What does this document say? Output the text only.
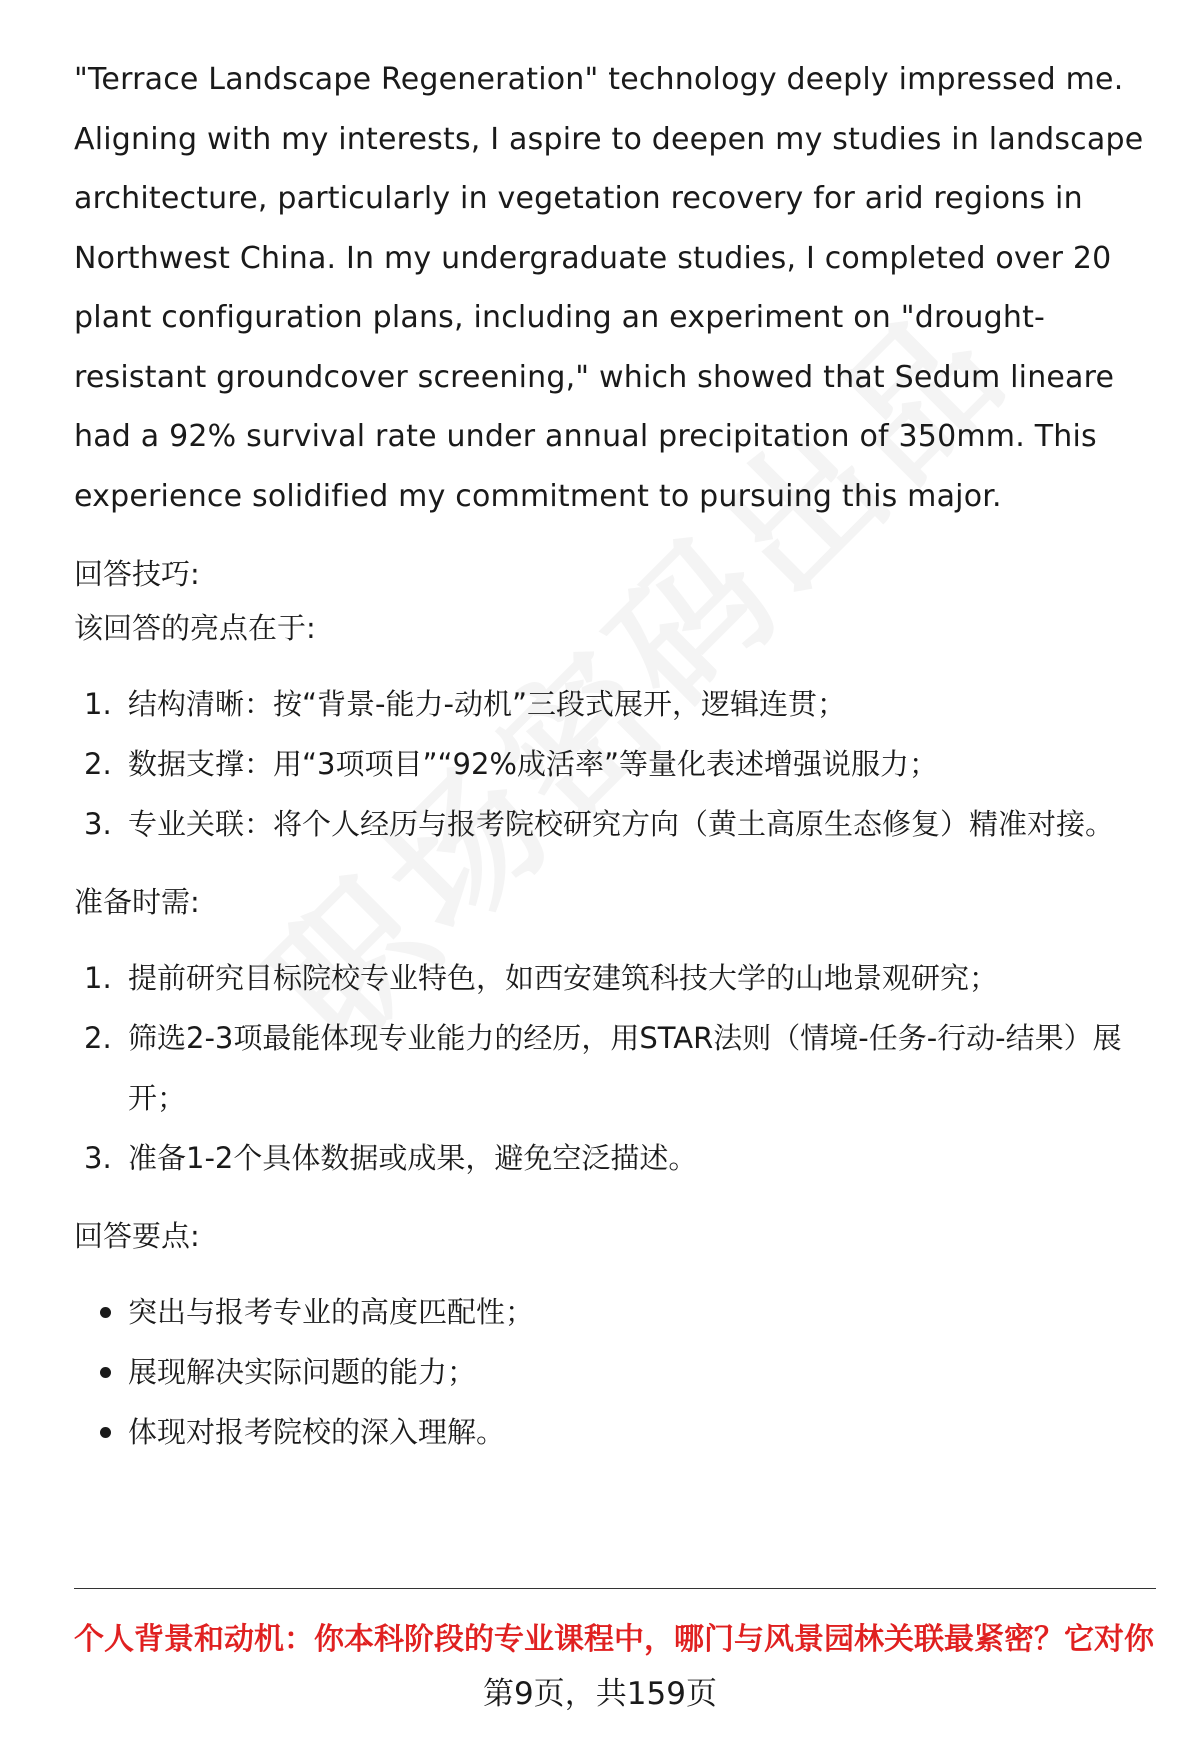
"Terrace Landscape Regeneration" technology deeply impressed me. Aligning with my interests, I aspire to deepen my studies in landscape architecture, particularly in vegetation recovery for arid regions in Northwest China. In my undergraduate studies, I completed over 20 plant configuration plans, including an experiment on "drought-resistant groundcover screening," which showed that Sedum lineare had a 92% survival rate under annual precipitation of 350mm. This experience solidified my commitment to pursuing this major.

回答技巧:

该回答的亮点在于:

1. 结构清晰：按“背景-能力-动机”三段式展开，逻辑连贯；
2. 数据支撑：用“3项项目”“92%成活率”等量化表述增强说服力；
3. 专业关联：将个人经历与报考院校研究方向（黄土高原生态修复）精准对接。

准备时需:

1. 提前研究目标院校专业特色，如西安建筑科技大学的山地景观研究；
2. 筛选2-3项最能体现专业能力的经历，用STAR法则（情境-任务-行动-结果）展开；
3. 准备1-2个具体数据或成果，避免空泛描述。

回答要点:

突出与报考专业的高度匹配性；
展现解决实际问题的能力；
体现对报考院校的深入理解。
个人背景和动机：你本科阶段的专业课程中，哪门与风景园林关联最紧密？它对你
第9页，共159页
